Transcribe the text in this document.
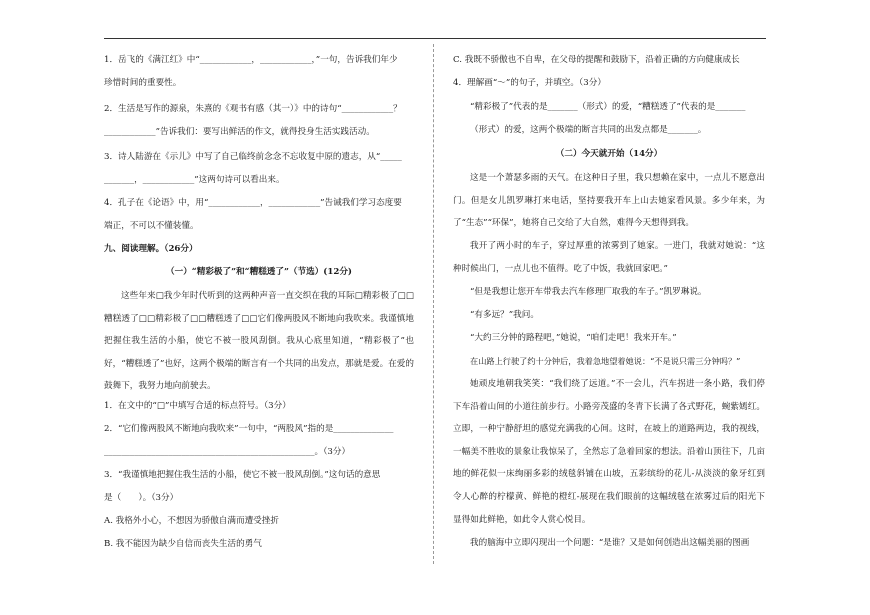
1．岳飞的《满江红》中“____________，____________，”一句，告诉我们年少
珍惜时间的重要性。
2．生活是写作的源泉，朱熹的《观书有感（其一）》中的诗句“____________？
____________”告诉我们：要写出鲜活的作文，就得投身生活实践活动。
3．诗人陆游在《示儿》中写了自己临终前念念不忘收复中原的遗志，从“_____
_______，____________”这两句诗可以看出来。
4．孔子在《论语》中，用“____________，____________”告诫我们学习态度要
端正，不可以不懂装懂。
九、阅读理解。（26分）
（一）“精彩极了”和“糟糕透了”（节选）(12分)
这些年来□我少年时代听到的这两种声音一直交织在我的耳际□精彩极了□□糟糕透了□□精彩极了□□糟糕透了□□它们像两股风不断地向我吹来。我谨慎地把握住我生活的小船，使它不被一股风刮倒。我从心底里知道，“精彩极了”也好，“糟糕透了”也好，这两个极端的断言有一个共同的出发点，那就是爱。在爱的鼓舞下，我努力地向前驶去。
1．在文中的“□”中填写合适的标点符号。（3分）
2．“它们像两股风不断地向我吹来”一句中，“两股风”指的是______________
_________________________________________________。（3分）
3．“我谨慎地把握住我生活的小船，使它不被一股风刮倒。”这句话的意思
是（　　）。（3分）
A. 我格外小心，不想因为骄傲自满而遭受挫折
B. 我不能因为缺少自信而丧失生活的勇气
C. 我既不骄傲也不自卑，在父母的提醒和鼓励下，沿着正确的方向健康成长
4．理解画“～”的句子，并填空。（3分）
“精彩极了”代表的是_______（形式）的爱，“糟糕透了”代表的是_______
（形式）的爱，这两个极端的断言共同的出发点都是_______。
（二）今天就开始（14分）
这是一个萧瑟多雨的天气。在这种日子里，我只想赖在家中，一点儿不愿意出门。但是女儿凯罗琳打来电话，坚持要我开车上山去她家看风景。多少年来，为了“生态”“环保”，她将自己交给了大自然，难得今天想得到我。
我开了两小时的车子，穿过厚重的浓雾到了她家。一进门，我就对她说：“这种时候出门，一点儿也不值得。吃了中饭，我就回家吧。”
“但是我想让您开车带我去汽车修理厂取我的车子。”凯罗琳说。
“有多远？”我问。
“大约三分钟的路程吧，”她说，“咱们走吧！我来开车。”
在山路上行驶了约十分钟后，我着急地望着她说：“不是说只需三分钟吗？”
她顽皮地朝我笑笑：“我们绕了远道。”不一会儿，汽车拐进一条小路，我们停下车沿着山间的小道往前步行。小路旁茂盛的冬青下长满了各式野花，蜿紫嫣红。立即，一种宁静舒坦的感觉充满我的心间。这时，在坡上的道路两边，我的视线，一幅美不胜收的景象让我惊呆了，全然忘了急着回家的想法。沿着山顶往下，几亩地的鲜花似一床绚丽多彩的绒毯斜铺在山坡，五彩缤纷的花儿-从淡淡的象牙红到令人心醉的柠檬黄、鲜艳的橙红-展现在我们眼前的这幅绒毯在浓雾过后的阳光下显得如此鲜艳，如此令人赏心悦目。
我的脑海中立即闪现出一个问题：“是谁？又是如何创造出这幅美丽的图画
